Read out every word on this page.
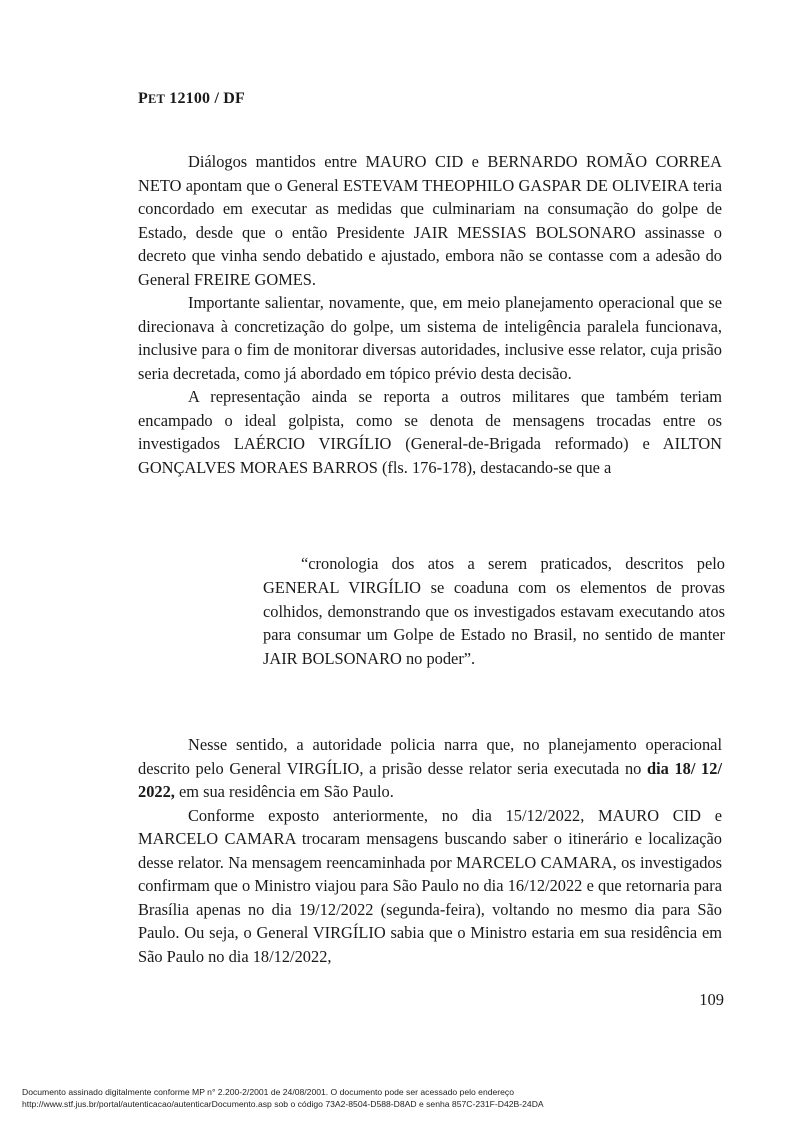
PET 12100 / DF

Diálogos mantidos entre MAURO CID e BERNARDO ROMÃO CORREA NETO apontam que o General ESTEVAM THEOPHILO GASPAR DE OLIVEIRA teria concordado em executar as medidas que culminariam na consumação do golpe de Estado, desde que o então Presidente JAIR MESSIAS BOLSONARO assinasse o decreto que vinha sendo debatido e ajustado, embora não se contasse com a adesão do General FREIRE GOMES.

Importante salientar, novamente, que, em meio planejamento operacional que se direcionava à concretização do golpe, um sistema de inteligência paralela funcionava, inclusive para o fim de monitorar diversas autoridades, inclusive esse relator, cuja prisão seria decretada, como já abordado em tópico prévio desta decisão.

A representação ainda se reporta a outros militares que também teriam encampado o ideal golpista, como se denota de mensagens trocadas entre os investigados LAÉRCIO VIRGÍLIO (General-de-Brigada reformado) e AILTON GONÇALVES MORAES BARROS (fls. 176-178), destacando-se que a

“cronologia dos atos a serem praticados, descritos pelo GENERAL VIRGÍLIO se coaduna com os elementos de provas colhidos, demonstrando que os investigados estavam executando atos para consumar um Golpe de Estado no Brasil, no sentido de manter JAIR BOLSONARO no poder”.

Nesse sentido, a autoridade policia narra que, no planejamento operacional descrito pelo General VIRGÍLIO, a prisão desse relator seria executada no dia 18/ 12/ 2022, em sua residência em São Paulo.

Conforme exposto anteriormente, no dia 15/12/2022, MAURO CID e MARCELO CAMARA trocaram mensagens buscando saber o itinerário e localização desse relator. Na mensagem reencaminhada por MARCELO CAMARA, os investigados confirmam que o Ministro viajou para São Paulo no dia 16/12/2022 e que retornaria para Brasília apenas no dia 19/12/2022 (segunda-feira), voltando no mesmo dia para São Paulo. Ou seja, o General VIRGÍLIO sabia que o Ministro estaria em sua residência em São Paulo no dia 18/12/2022,

109
Documento assinado digitalmente conforme MP n° 2.200-2/2001 de 24/08/2001. O documento pode ser acessado pelo endereço
http://www.stf.jus.br/portal/autenticacao/autenticarDocumento.asp sob o código 73A2-8504-D588-D8AD e senha 857C-231F-D42B-24DA
